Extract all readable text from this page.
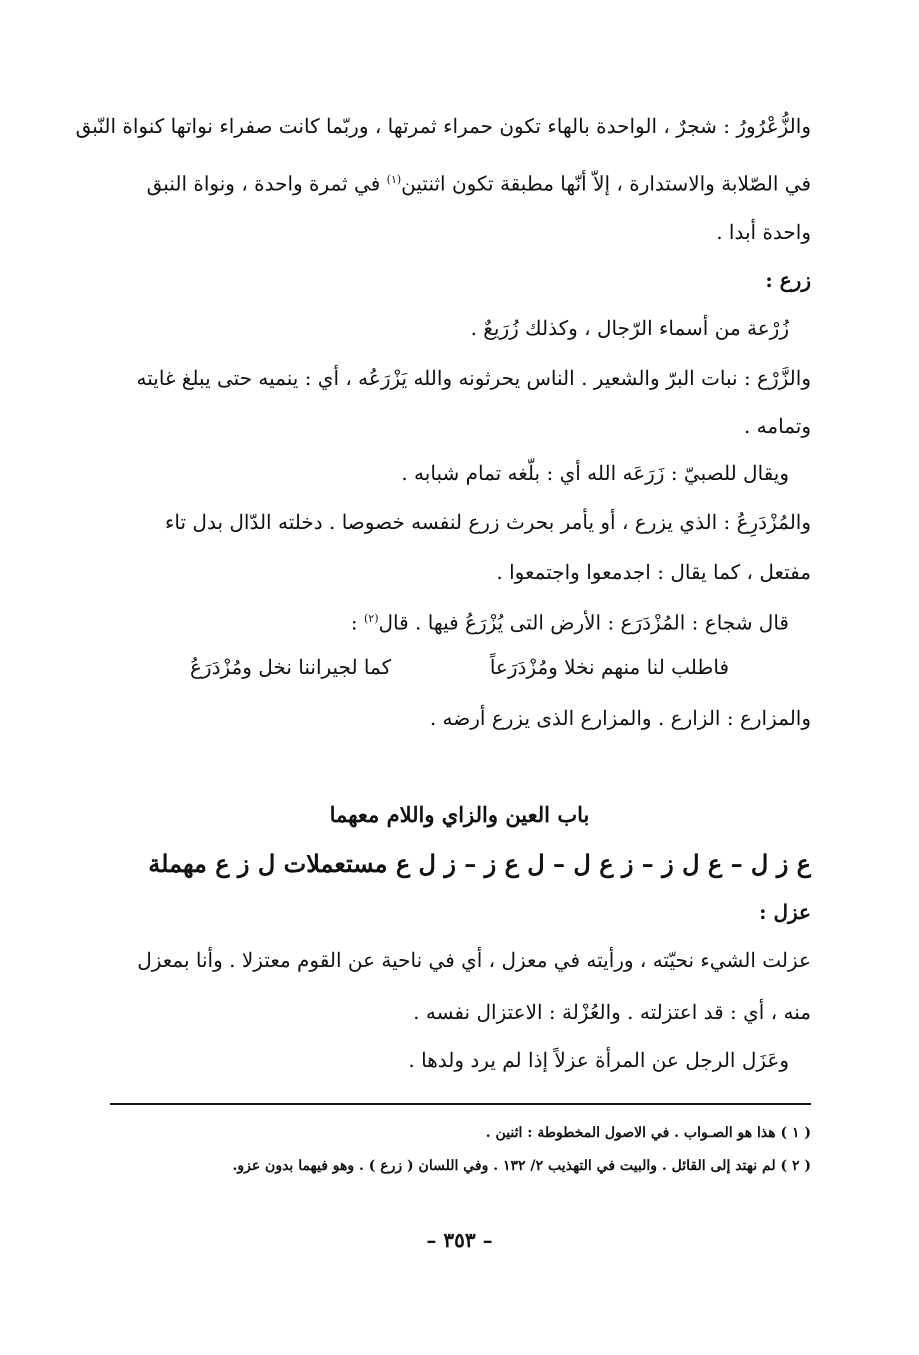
والزُّعْرُورُ : شجرٌ ، الواحدة بالهاء تكون حمراء ثمرتها ، وربّما كانت صفراء نواتها كنواة النّبق
في الصّلابة والاستدارة ، إلاّ أنّها مطبقة تكون اثنتين$^{(١)}$ في ثمرة واحدة ، ونواة النبق
واحدة أبدا .
زرع :
زُرْعة من أسماء الرّجال ، وكذلك زُرَيعٌ .
والزَّرْع : نبات البرّ والشعير . الناس يحرثونه والله يَزْرَعُه ، أي : ينميه حتى يبلغ غايته
وتمامه .
ويقال للصبيّ : زَرَعَه الله أي : بلّغه تمام شبابه .
والمُزْدَرِعُ : الذي يزرع ، أو يأمر بحرث زرع لنفسه خصوصا . دخلته الدّال بدل تاء
مفتعل ، كما يقال : اجدمعوا واجتمعوا .
قال شجاع : المُزْدَرَع : الأرض التى يُزْرَعُ فيها . قال$^{(٢)}$ :
فاطلب لنا منهم نخلا ومُزْدَرَعاً
كما لجيراننا نخل ومُزْدَرَعُ
والمزارع : الزارع . والمزارع الذى يزرع أرضه .
باب العين والزاي واللام معهما
ع ز ل – ع ل ز – ز ع ل – ل ع ز – ز ل ع مستعملات ل ز ع مهملة
عزل :
عزلت الشيء نحيّته ، ورأيته في معزل ، أي في ناحية عن القوم معتزلا . وأنا بمعزل
منه ، أي : قد اعتزلته . والعُزْلة : الاعتزال نفسه .
وعَزَل الرجل عن المرأة عزلاً إذا لم يرد ولدها .
( ١ ) هذا هو الصـواب . في الاصول المخطوطة : اثنين .
( ٢ ) لم نهتد إلى القائل . والبيت في التهذيب ٢/ ١٣٢ . وفي اللسان ( زرع ) . وهو فيهما بدون عزو.
– ٣٥٣ –
